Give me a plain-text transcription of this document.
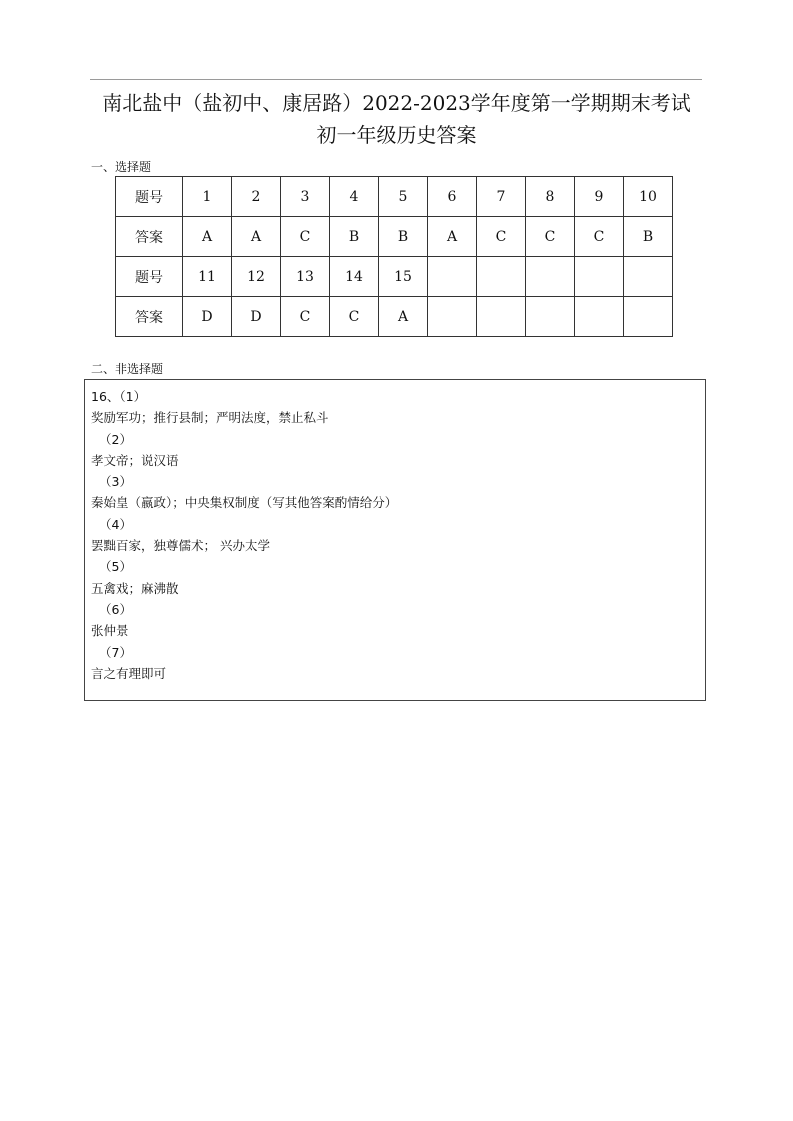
南北盐中（盐初中、康居路）2022-2023学年度第一学期期末考试
初一年级历史答案
一、选择题
题号	1	2	3	4	5	6	7	8	9	10
答案	A	A	C	B	B	A	C	C	C	B
题号	11	12	13	14	15					
答案	D	D	C	C	A					
二、非选择题
16、（1）
奖励军功；推行县制；严明法度，禁止私斗
（2）
孝文帝；说汉语
（3）
秦始皇（嬴政）；中央集权制度（写其他答案酌情给分）
（4）
罢黜百家，独尊儒术； 兴办太学
（5）
五禽戏；麻沸散
（6）
张仲景
（7）
言之有理即可
